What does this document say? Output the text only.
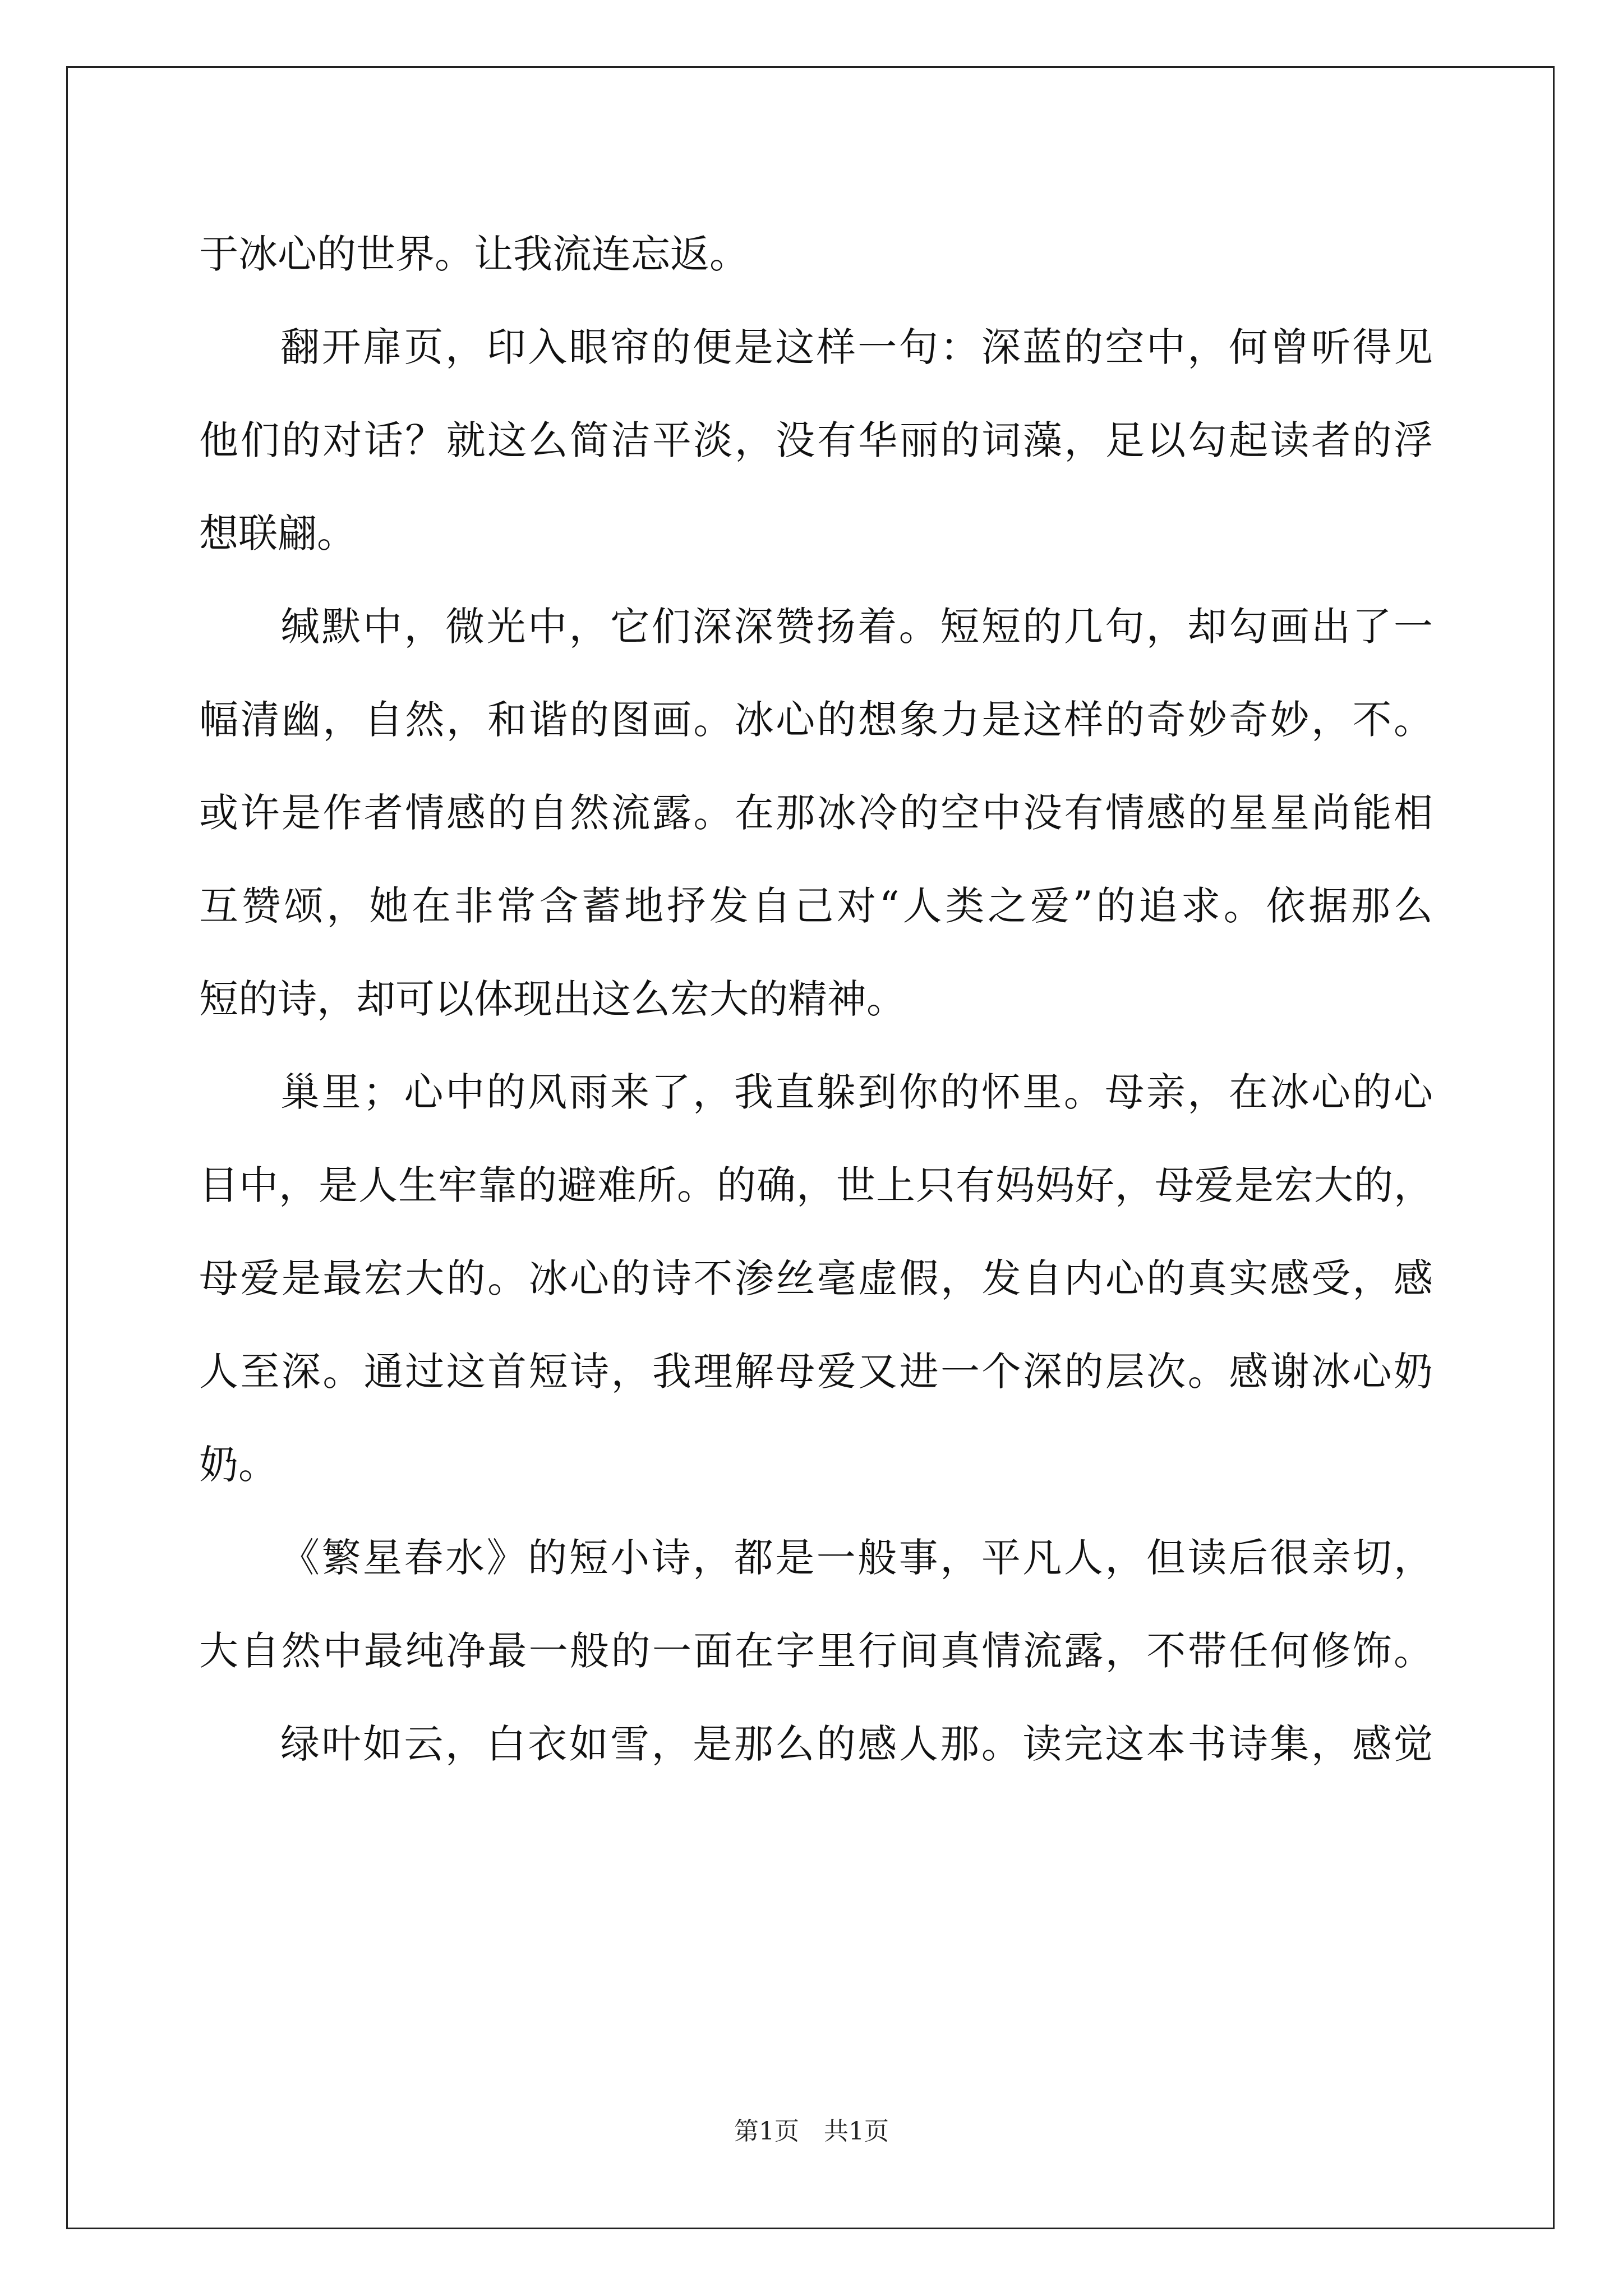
于冰心的世界。让我流连忘返。
翻开扉页，印入眼帘的便是这样一句：深蓝的空中，何曾听得见
他们的对话？就这么简洁平淡，没有华丽的词藻，足以勾起读者的浮
想联翩。
缄默中，微光中，它们深深赞扬着。短短的几句，却勾画出了一
幅清幽，自然，和谐的图画。冰心的想象力是这样的奇妙奇妙，不。
或许是作者情感的自然流露。在那冰冷的空中没有情感的星星尚能相
互赞颂，她在非常含蓄地抒发自己对“人类之爱”的追求。依据那么
短的诗，却可以体现出这么宏大的精神。
巢里；心中的风雨来了，我直躲到你的怀里。母亲，在冰心的心
目中，是人生牢靠的避难所。的确，世上只有妈妈好，母爱是宏大的，
母爱是最宏大的。冰心的诗不渗丝毫虚假，发自内心的真实感受，感
人至深。通过这首短诗，我理解母爱又进一个深的层次。感谢冰心奶
奶。
《繁星春水》的短小诗，都是一般事，平凡人，但读后很亲切，
大自然中最纯净最一般的一面在字里行间真情流露，不带任何修饰。
绿叶如云，白衣如雪，是那么的感人那。读完这本书诗集，感觉
第1页　共1页
